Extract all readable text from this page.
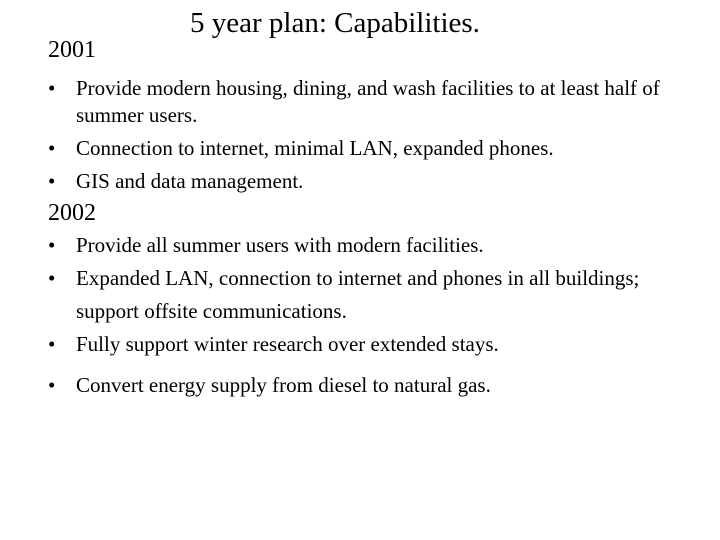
5 year plan: Capabilities.
2001
• Provide modern housing, dining, and wash facilities to at least half of summer users.
• Connection to internet, minimal LAN, expanded phones.
• GIS and data management.
2002
• Provide all summer users with modern facilities.
• Expanded LAN, connection to internet and phones in all buildings; support offsite communications.
• Fully support winter research over extended stays.
• Convert energy supply from diesel to natural gas.
